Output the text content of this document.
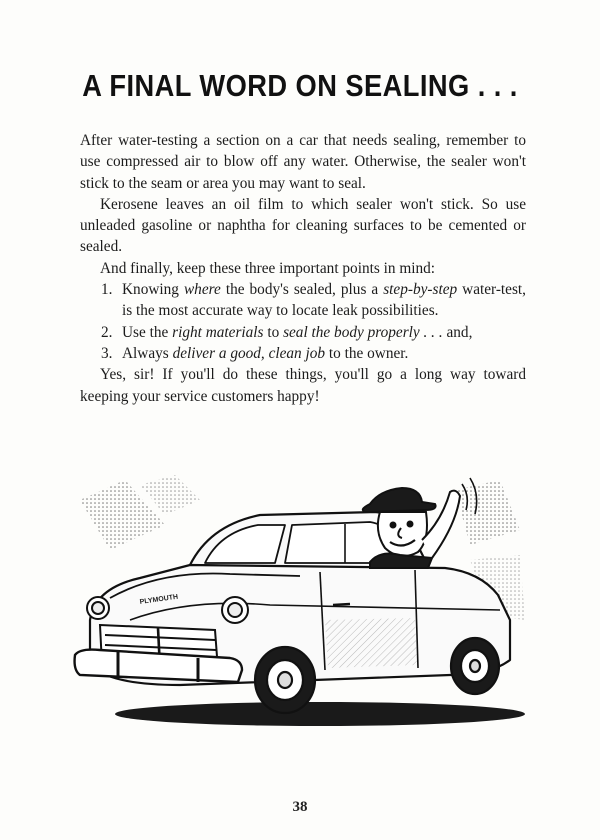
A FINAL WORD ON SEALING . . .

After water-testing a section on a car that needs sealing, remember to use compressed air to blow off any water. Otherwise, the sealer won't stick to the seam or area you may want to seal.

Kerosene leaves an oil film to which sealer won't stick. So use unleaded gasoline or naphtha for cleaning surfaces to be cemented or sealed.

And finally, keep these three important points in mind:

1. Knowing where the body's sealed, plus a step-by-step water-test, is the most accurate way to locate leak possibilities.
2. Use the right materials to seal the body properly . . . and,
3. Always deliver a good, clean job to the owner.

Yes, sir! If you'll do these things, you'll go a long way toward keeping your service customers happy!

PLYMOUTH
38
